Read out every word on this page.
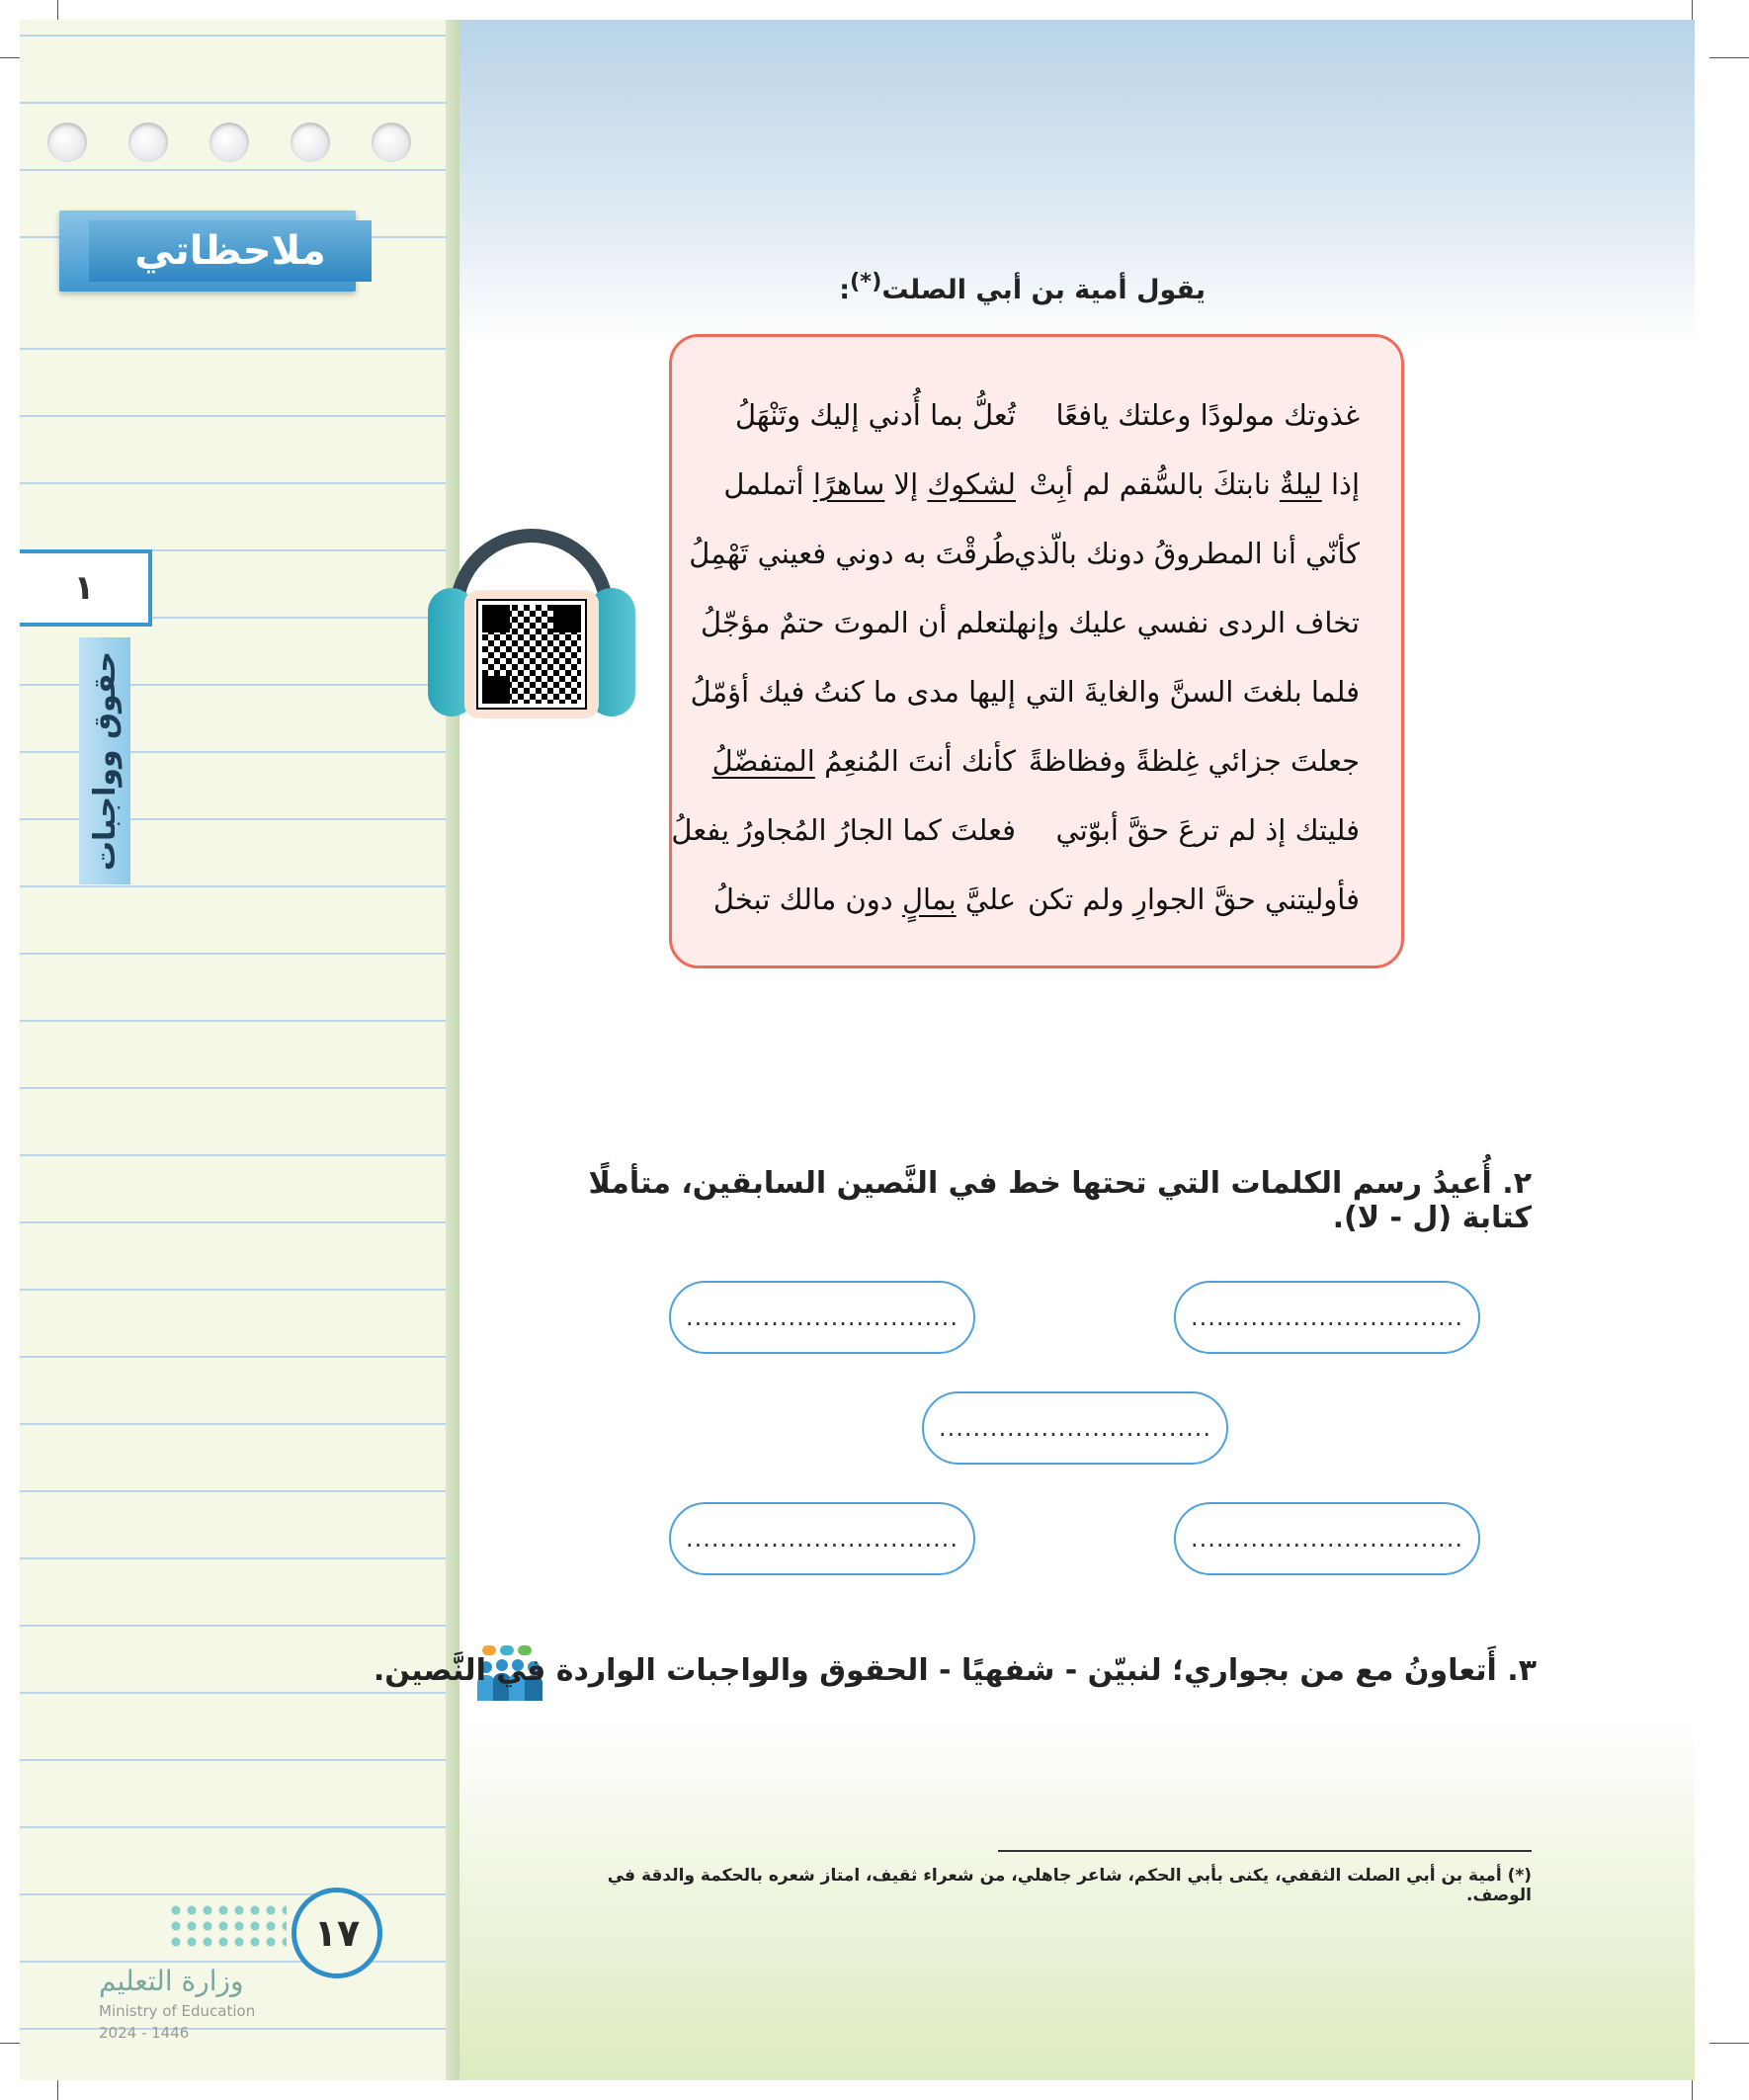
ملاحظاتي
١
حقوق وواجبات
١٧
وزارة التعليم
Ministry of Education
2024 - 1446
يقول أمية بن أبي الصلت(*):
غذوتك مولودًا وعلتك يافعًا
تُعلُّ بما أُدني إليك وتَنْهَلُ
إذا ليلةٌ نابتكَ بالسُّقم لم أبِتْ
لشكوك إلا ساهرًا أتململ
كأنّي أنا المطروقُ دونك بالّذي
طُرقْتَ به دوني فعيني تَهْمِلُ
تخاف الردى نفسي عليك وإنها
لتعلم أن الموتَ حتمٌ مؤجّلُ
فلما بلغتَ السنَّ والغايةَ التي
إليها مدى ما كنتُ فيك أؤمّلُ
جعلتَ جزائي غِلظةً وفظاظةً
كأنك أنتَ المُنعِمُ المتفضّلُ
فليتك إذ لم ترعَ حقَّ أبوّتي
فعلتَ كما الجارُ المُجاورُ يفعلُ
فأوليتني حقَّ الجوارِ ولم تكن
عليَّ بمالٍ دون مالك تبخلُ
٢. أُعيدُ رسم الكلمات التي تحتها خط في النَّصين السابقين، متأملًا كتابة (ل - لا).
................................
................................
................................
................................
................................
٣. أَتعاونُ مع من بجواري؛ لنبيّن - شفهيًا - الحقوق والواجبات الواردة في النَّصين.
(*) أمية بن أبي الصلت الثقفي، يكنى بأبي الحكم، شاعر جاهلي، من شعراء ثقيف، امتاز شعره بالحكمة والدقة في الوصف.
